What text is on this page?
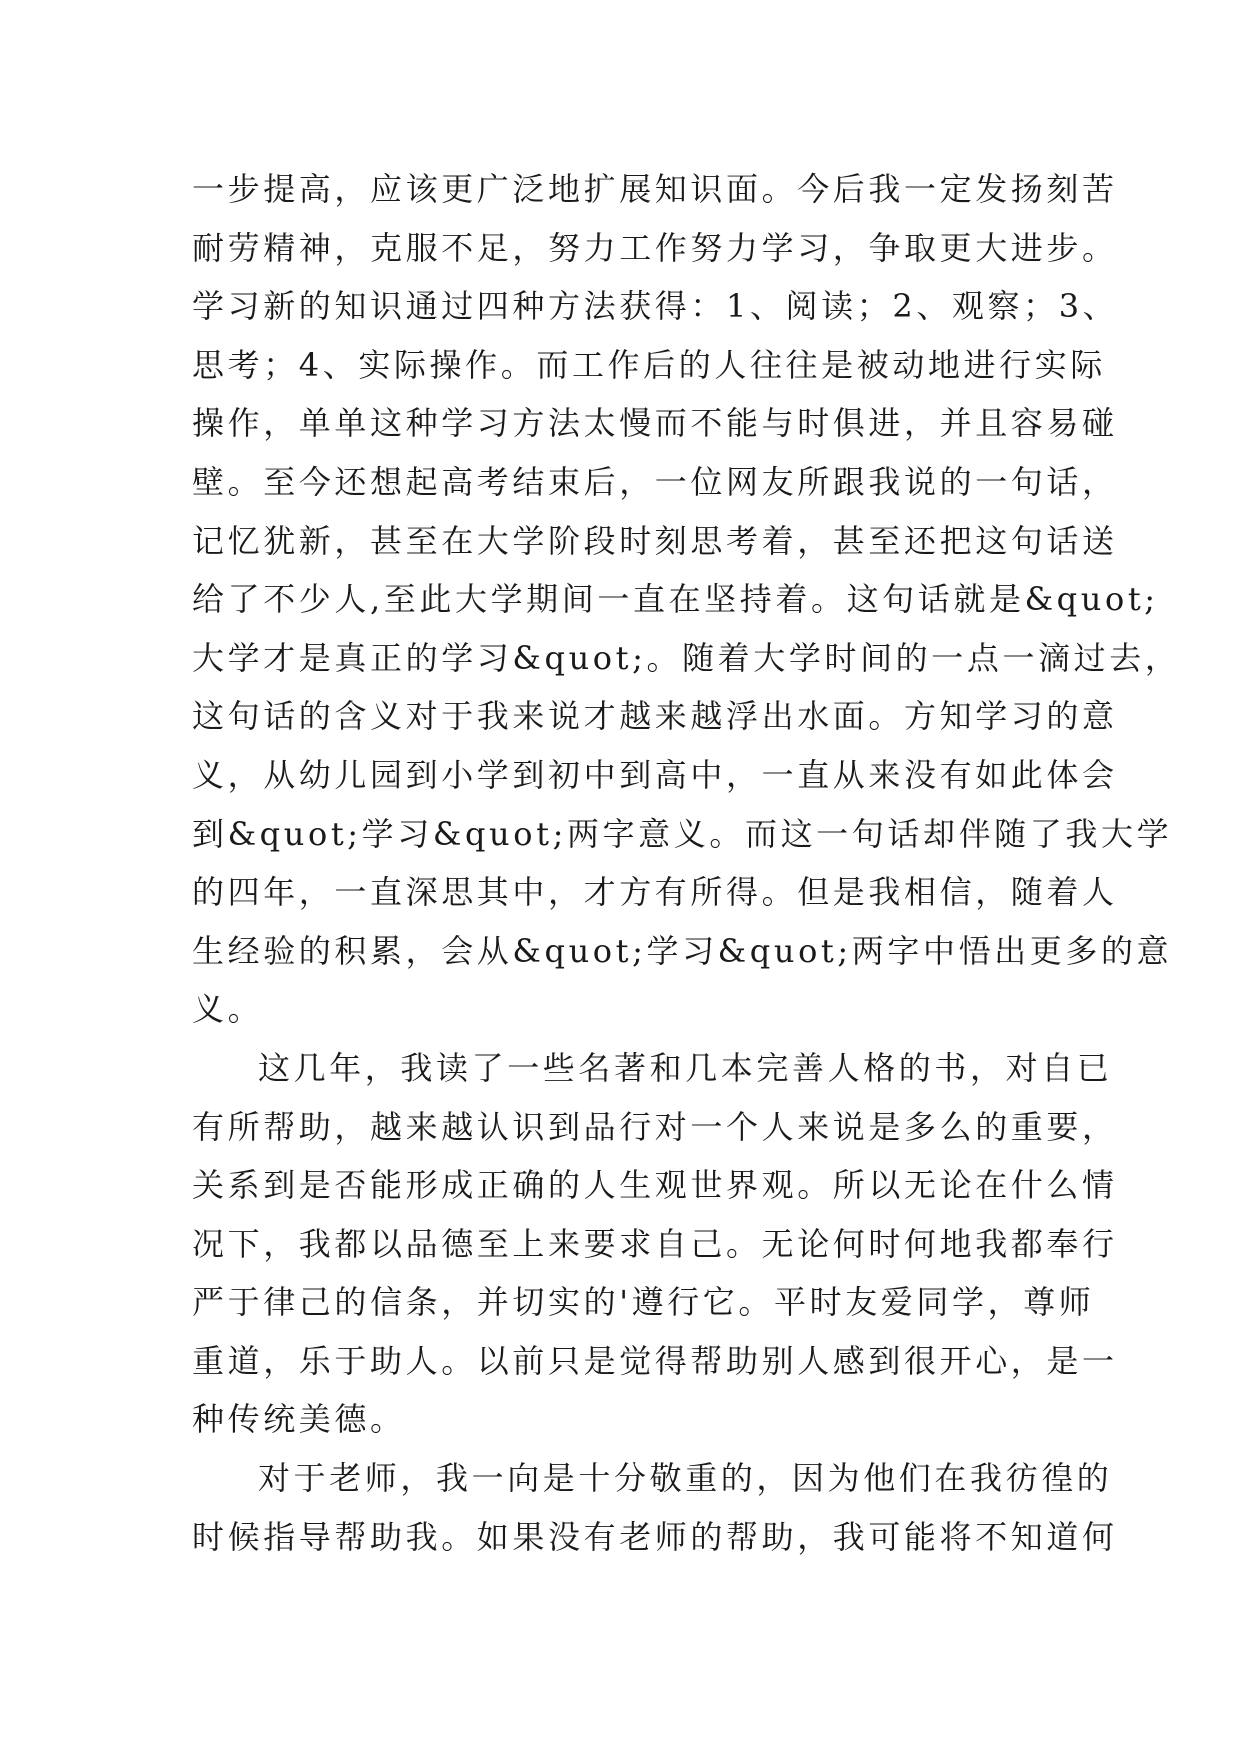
一步提高，应该更广泛地扩展知识面。今后我一定发扬刻苦
耐劳精神，克服不足，努力工作努力学习，争取更大进步。
学习新的知识通过四种方法获得：1、阅读；2、观察；3、
思考；4、实际操作。而工作后的人往往是被动地进行实际
操作，单单这种学习方法太慢而不能与时俱进，并且容易碰
壁。至今还想起高考结束后，一位网友所跟我说的一句话，
记忆犹新，甚至在大学阶段时刻思考着，甚至还把这句话送
给了不少人,至此大学期间一直在坚持着。这句话就是&quot;
大学才是真正的学习&quot;。随着大学时间的一点一滴过去，
这句话的含义对于我来说才越来越浮出水面。方知学习的意
义，从幼儿园到小学到初中到高中，一直从来没有如此体会
到&quot;学习&quot;两字意义。而这一句话却伴随了我大学
的四年，一直深思其中，才方有所得。但是我相信，随着人
生经验的积累，会从&quot;学习&quot;两字中悟出更多的意
义。
这几年，我读了一些名著和几本完善人格的书，对自已
有所帮助，越来越认识到品行对一个人来说是多么的重要，
关系到是否能形成正确的人生观世界观。所以无论在什么情
况下，我都以品德至上来要求自己。无论何时何地我都奉行
严于律己的信条，并切实的'遵行它。平时友爱同学，尊师
重道，乐于助人。以前只是觉得帮助别人感到很开心，是一
种传统美德。
对于老师，我一向是十分敬重的，因为他们在我彷徨的
时候指导帮助我。如果没有老师的帮助，我可能将不知道何
